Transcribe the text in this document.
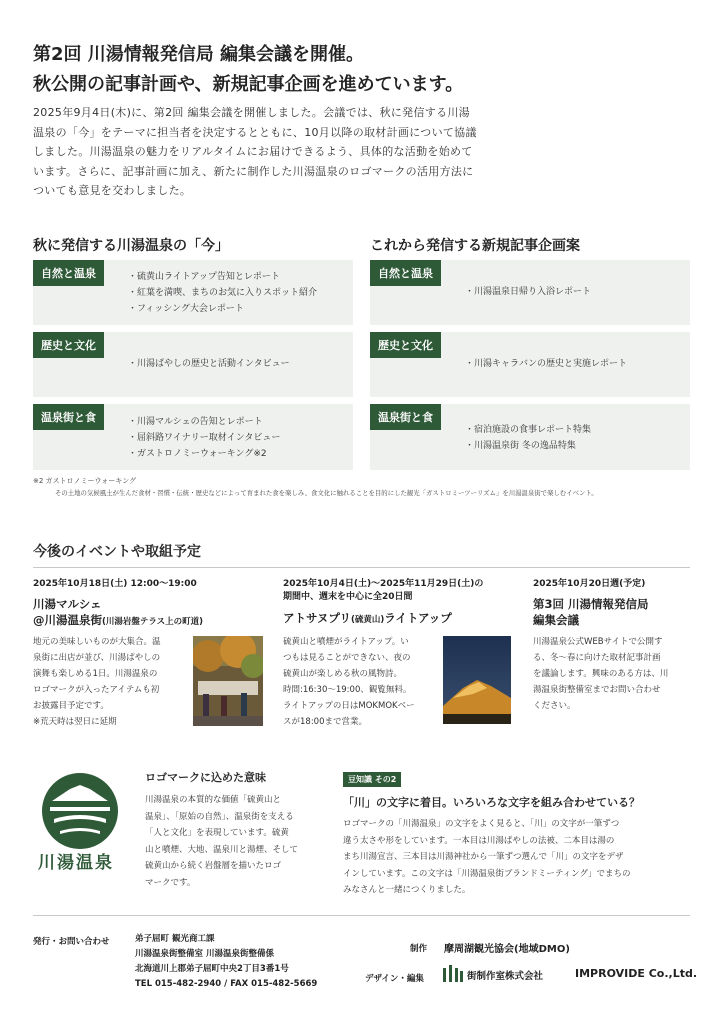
第2回 川湯情報発信局 編集会議を開催。
秋公開の記事計画や、新規記事企画を進めています。
2025年9月4日(木)に、第2回 編集会議を開催しました。会議では、秋に発信する川湯
温泉の「今」をテーマに担当者を決定するとともに、10月以降の取材計画について協議
しました。川湯温泉の魅力をリアルタイムにお届けできるよう、具体的な活動を始めて
います。さらに、記事計画に加え、新たに制作した川湯温泉のロゴマークの活用方法に
ついても意見を交わしました。
秋に発信する川湯温泉の「今」
自然と温泉	・硫黄山ライトアップ告知とレポート
・紅葉を満喫、まちのお気に入りスポット紹介
・フィッシング大会レポート
歴史と文化
・川湯ぱやしの歴史と活動インタビュー
温泉街と食	・川湯マルシェの告知とレポート
・屈斜路ワイナリー取材インタビュー
・ガストロノミーウォーキング※2
これから発信する新規記事企画案
自然と温泉
・川湯温泉日帰り入浴レポート
歴史と文化
・川湯キャラバンの歴史と実施レポート
温泉街と食
・宿泊施設の食事レポート特集
・川湯温泉街 冬の逸品特集
※2 ガストロノミーウォーキング
その土地の気候風土が生んだ食材・習慣・伝統・歴史などによって育まれた食を楽しみ、食文化に触れることを目的にした観光「ガストロミーツーリズム」を川湯温泉街で楽しむイベント。
今後のイベントや取組予定
2025年10月18日(土) 12:00～19:00
川湯マルシェ
@川湯温泉街(川湯岩盤テラス上の町道)
地元の美味しいものが大集合。温
泉街に出店が並び、川湯ぱやしの
演舞も楽しめる1日。川湯温泉の
ロゴマークが入ったアイテムも初
お披露目予定です。
※荒天時は翌日に延期
2025年10月4日(土)～2025年11月29日(土)の
期間中、週末を中心に全20日間
アトサヌプリ(硫黄山)ライトアップ
硫黄山と噴煙がライトアップ。い
つもは見ることができない、夜の
硫黄山が楽しめる秋の風物詩。
時間:16:30～19:00、観覧無料。
ライトアップの日はMOKMOKベー
スが18:00まで営業。
2025年10月20日週(予定)
第3回 川湯情報発信局
編集会議
川湯温泉公式WEBサイトで公開す
る、冬～春に向けた取材記事計画
を議論します。興味のある方は、川
湯温泉街整備室までお問い合わせ
ください。
川湯温泉
ロゴマークに込めた意味
川湯温泉の本質的な価値「硫黄山と
温泉」、「原始の自然」、温泉街を支える
「人と文化」を表現しています。硫黄
山と噴煙、大地、温泉川と湯煙、そして
硫黄山から続く岩盤層を描いたロゴ
マークです。
豆知識 その2
「川」の文字に着目。いろいろな文字を組み合わせている？
ロゴマークの「川湯温泉」の文字をよく見ると、「川」の文字が一筆ずつ
違う太さや形をしています。一本目は川湯ぱやしの法被、二本目は湯の
まち川湯宣言、三本目は川湯神社から一筆ずつ選んで「川」の文字をデザ
インしています。この文字は「川湯温泉街ブランドミーティング」でまちの
みなさんと一緒につくりました。
発行・お問い合わせ	弟子屈町 観光商工課
川湯温泉街整備室 川湯温泉街整備係
北海道川上郡弟子屈町中央2丁目3番1号
TEL 015-482-2940 / FAX 015-482-5669
制作 摩周湖観光協会(地域DMO)
デザイン・編集	街制作室株式会社	IMPROVIDE Co.,Ltd.
